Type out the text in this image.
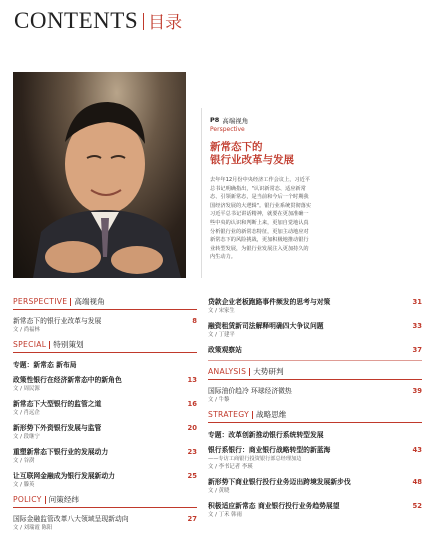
CONTENTS 目录
P8 高端视角
Perspective
新常态下的
银行业改革与发展
去年年12月份中央经济工作会议上，习近平总书记明确指出，"认识新常态、适应新常态、引领新常态，是当前和今后一个时期我国经济发展的大逻辑"。银行业系统贯彻落实习近平总书记讲话精神，就要在更加准确一些中央的认识和判断上来，更加自觉地认真分析银行业的新常态特征，更加主动地应对新常态下的风险挑战，更加积极地推动银行业转型发展，为银行业发展注入更加持久的内生动力。
PERSPECTIVE 高端视角
新常态下的银行业改革与发展
文 / 尚福林
8
SPECIAL 特别策划
专题：新常态 新布局
政策性银行在经济新常态中的新角色
文 / 周民源
13
新常态下大型银行的监管之道
文 / 肖远企
16
新形势下外资银行发展与监管
文 / 段继宁
20
重塑新常态下银行业的发展动力
文 / 谷澍
23
让互联网金融成为银行发展新动力
文 / 滕英
25
POLICY 问策经纬
国际金融监管改革八大领域呈现新动向
文 / 刘瑞霞 陈阳
27
贷款企业老板跑路事件频发的思考与对策
文 / 宋家生
31
融资租赁新司法解释明确四大争议问题
文 / 丁建平
33
政策观察站	37
ANALYSIS 大势研判
国际油价趋冷 环球经济微热
文 / 牛黎
39
STRATEGY 战略思维
专题：改革创新推动银行系统转型发展
银行系银行：商业银行战略转型的新蓝海
——专访工商银行投资银行部总经理加边
文 / 李书记者 李瑛
43
新形势下商业银行投行业务迈出跨境发展新步伐
文 / 黄晓
48
积极适应新常态 商业银行投行业务趋势展望
文 / 丁禾 韩雨
52
